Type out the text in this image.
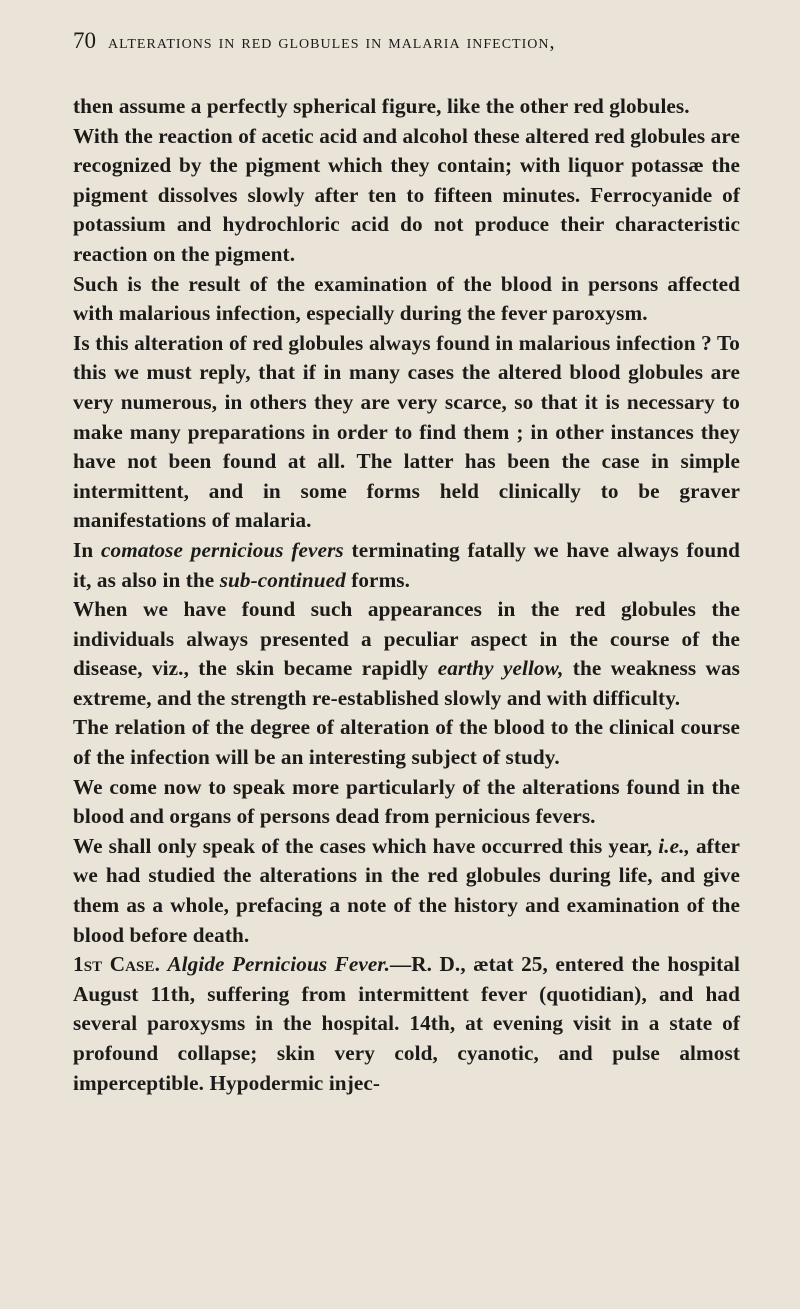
70 alterations in red globules in malaria infection,

then assume a perfectly spherical figure, like the other red globules.

With the reaction of acetic acid and alcohol these altered red globules are recognized by the pigment which they contain; with liquor potassæ the pigment dissolves slowly after ten to fifteen minutes. Ferrocyanide of potassium and hydrochloric acid do not produce their characteristic reaction on the pigment.

Such is the result of the examination of the blood in persons affected with malarious infection, especially during the fever paroxysm.

Is this alteration of red globules always found in malarious infection ? To this we must reply, that if in many cases the altered blood globules are very numerous, in others they are very scarce, so that it is necessary to make many preparations in order to find them ; in other instances they have not been found at all. The latter has been the case in simple intermittent, and in some forms held clinically to be graver manifestations of malaria.

In comatose pernicious fevers terminating fatally we have always found it, as also in the sub-continued forms.

When we have found such appearances in the red globules the individuals always presented a peculiar aspect in the course of the disease, viz., the skin became rapidly earthy yellow, the weakness was extreme, and the strength re-established slowly and with difficulty.

The relation of the degree of alteration of the blood to the clinical course of the infection will be an interesting subject of study.

We come now to speak more particularly of the alterations found in the blood and organs of persons dead from pernicious fevers.

We shall only speak of the cases which have occurred this year, i.e., after we had studied the alterations in the red globules during life, and give them as a whole, prefacing a note of the history and examination of the blood before death.

1st Case. Algide Pernicious Fever.—R. D., ætat 25, entered the hospital August 11th, suffering from intermittent fever (quotidian), and had several paroxysms in the hospital. 14th, at evening visit in a state of profound collapse; skin very cold, cyanotic, and pulse almost imperceptible. Hypodermic injec-
